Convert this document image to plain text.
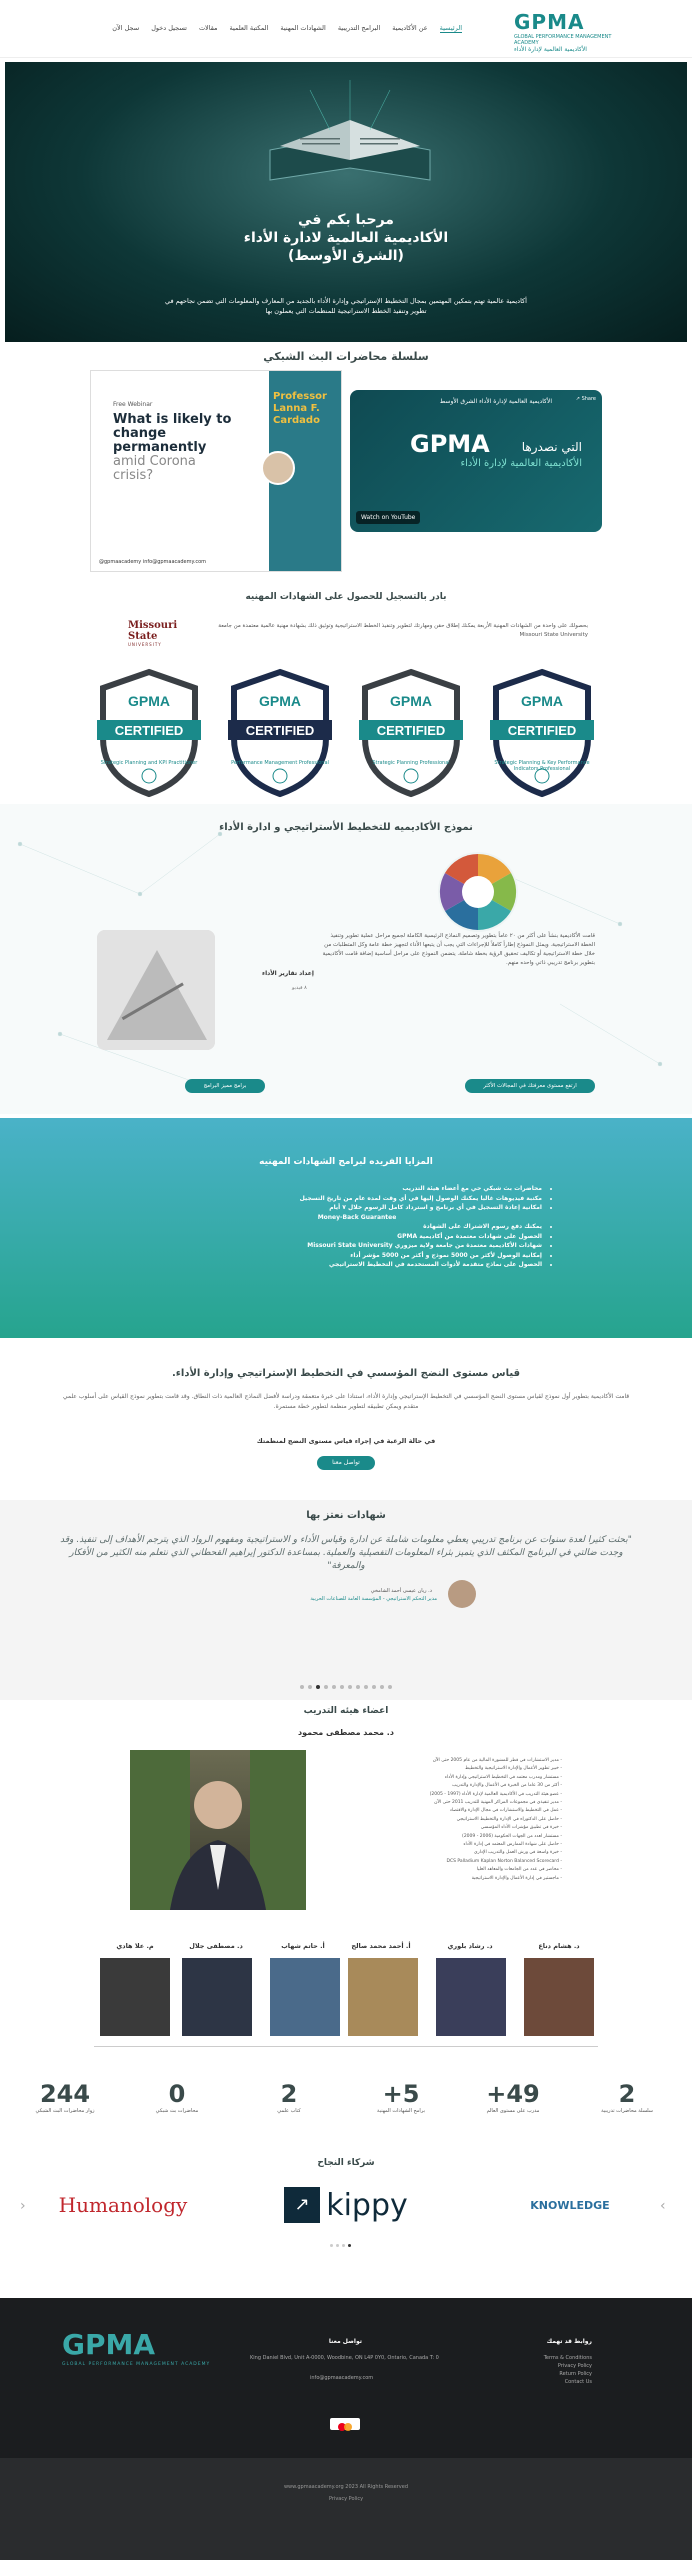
GPMA
GLOBAL PERFORMANCE MANAGEMENT ACADEMY
الأكاديمية العالمية لإدارة الأداء
الرئيسية
عن الأكاديمية
البرامج التدريبية
الشهادات المهنية
المكتبة العلمية
مقالات
تسجيل دخول
سجل الآن
مرحبا بكم في
الأكاديمية العالمية لادارة الأداء
(الشرق الأوسط)

أكاديمية عالمية تهتم بتمكين المهتمين بمجال التخطيط الإستراتيجي وإدارة الأداء بالجديد من المعارف والمعلومات التي تضمن نجاحهم في

تطوير وتنفيذ الخطط الاستراتيجية للمنظمات التي يعملون بها

سلسلة محاضرات البث الشبكي
Free Webinar
What is likely to change permanently
amid Corona crisis?
@gpmaacademy info@gpmaacademy.com
Professor Lanna F. Cardado
الأكاديمية العالمية لإدارة الأداء الشرق الأوسط	↗ Share
GPMA	التي نصدرها
الأكاديمية العالمية لإدارة الأداء
Watch on YouTube
بادر بالتسجيل للحصول على الشهادات المهنيه
بحصولك على واحدة من الشهادات المهنية الأربعة يمكنك إطلاق حقن ومهارتك لتطوير وتنفيذ الخطط الاستراتيجية وتوثيق ذلك بشهادة مهنية عالمية معتمدة من جامعة Missouri State University
Missouri State
UNIVERSITY
CERTIFIED
GPMA
Strategic Planning and KPI Practitioner
CERTIFIED
GPMA
Performance Management Professional
CERTIFIED
GPMA
Strategic Planning Professional
CERTIFIED
GPMA
Strategic Planning & Key Performance Indicators Professional
نموذج الأكاديميه للتخطيط الأستراتيجي و ادارة الأداء
قامت الأكاديمية بنشأ على أكثر من ٢٠ عاماً بتطوير وتصميم النماذج الرئيسية الكاملة لجميع مراحل عملية تطوير وتنفيذ الخطة الاستراتيجية. ويمثل النموذج إطاراً كاملاً للإجراءات التي يجب أن يتبعها الأداء لتجهيز خطة عامة وكل المتطلبات من خلال خطة الاستراتيجية أو تكاليف تحقيق الرؤية بخطة شاملة. يتضمن النموذج على مراحل أساسية إضافة قامت الأكاديمية بتطوير برنامج تدريبي ذاتي واحده منهم.
إعداد تقارير الأداء
٨ فيديو
ارتفع مستوى معرفتك في المجالات الأكثر
برامج مميز البرامج
المزايا الفريده لبرامج الشهادات المهنيه
• محاضرات بث شبكي حي مع أعضاء هيئة التدريب
• مكتبة فيديوهات غالبا يمكنك الوصول إليها في أي وقت لمده عام من تاريخ التسجيل
• امكانية إعادة التسجيل في أي برنامج و استرداد كامل الرسوم خلال ٧ أيام
Money-Back Guarantee
• يمكنك دفع رسوم الاشتراك على الشهادة
• الحصول على شهادات معتمدة من أكاديمية GPMA
• شهادات الأكاديمية معتمدة من جامعة ولاية ميزوري Missouri State University
• إمكانية الوصول لأكثر من 5000 نموذج و أكثر من 5000 مؤشر أداء
• الحصول على نماذج متقدمة لأدوات المستخدمة في التخطيط الاستراتيجي
قياس مستوى النضج المؤسسي في التخطيط الإستراتيجي وإدارة الأداء.
قامت الأكاديمية بتطوير أول نموذج لقياس مستوى النضج المؤسسي في التخطيط الإستراتيجي وإدارة الأداء، استنادا على خبرة متعمقة ودراسة لأفضل النماذج العالمية ذات النطاق. وقد قامت بتطوير نموذج القياس على أسلوب علمي متقدم ويمكن تطبيقه لتطوير منظمة لتطوير خطة مستمرة.
في حالة الرغبة في إجراء قياس مستوى النضج لمنظمتك
تواصل معنا
شهادات نعتز بها
"بحثت كثيرا لعدة سنوات عن برنامج تدريبي يعطي معلومات شاملة عن ادارة وقياس الأداء و الاستراتيجية ومفهوم الرواد الذي يترجم الأهداف إلى تنفيذ. وقد وجدت ضالتي في البرنامج المكثف الذي يتميز بثراء المعلومات التفصيلية والعملية. بمساعدة الدكتور إيراهيم القحطاني الذي نتعلم منه الكثير من الأفكار والمعرفة"
د. ريان عيسى أحمد الشامخي
مدير التحكم الاستراتيجي - المؤسسة العامة للصناعات الحربية
اعضاء هيئه التدريب
د. محمد مصطفى محمود
- مدير الاستشارات في قطر للمشورة المالية من عام 2005 حتى الآن
- خبير تطوير الأعمال والإدارة الاستراتيجية والتخطيط
- مستشار ومدرب معتمد في التخطيط الاستراتيجي وإدارة الأداء
- أكثر من 30 عاما من الخبرة في الأعمال والإدارة والتدريب
- عضو هيئة التدريب في الأكاديمية العالمية لإدارة الأداء (1997 - 2005)
- مدير تنفيذي في مجموعات المراكز المهنية للتدريب 2011 حتى الآن
- عمل في التخطيط والاستشارات في مجال الإدارة والاقتصاد
- حاصل على الدكتوراه في الإدارة والتخطيط الاستراتيجي
- خبرة في تطبيق مؤشرات الأداء المؤسسي
- مستشار لعدد من الجهات الحكومية (2006 - 2009)
- حاصل على شهادة الممارس المعتمد في إدارة الأداء
- خبرة واسعة في ورش العمل والتدريب الإداري
- DCS Palladium Kaplan Norton Balanced Scorecard
- محاضر في عدد من الجامعات والمعاهد العليا
- ماجستير في إدارة الأعمال والإدارة الاستراتيجية
د. هشام دناع
د. رشاد بلوري
أ. أحمد محمد صالح
أ. حاتم شهاب
د. مصطفى جلال
م. علا هادي
2
سلسلة محاضرات تدريبية
+49
مدرب على مستوى العالم
+5
برامج الشهادات المهنية
2
كتاب علمي
0
محاضرات بث شبكي
244
زوار محاضرات البث الشبكي
شركاء النجاح
›
‹	KNOWLEDGE
↗ kippy
Humanology
GPMA
GLOBAL PERFORMANCE MANAGEMENT ACADEMY
روابط قد تهمك
Terms & Conditions
Privacy Policy
Return Policy
Contact Us
تواصل معنا
King Daniel Blvd, Unit A-0000, Woodbine, ON L4P 0Y0, Ontario, Canada T: 0
info@gpmaacademy.com
www.gpmaacademy.org 2023 All Rights Reserved
Privacy Policy
